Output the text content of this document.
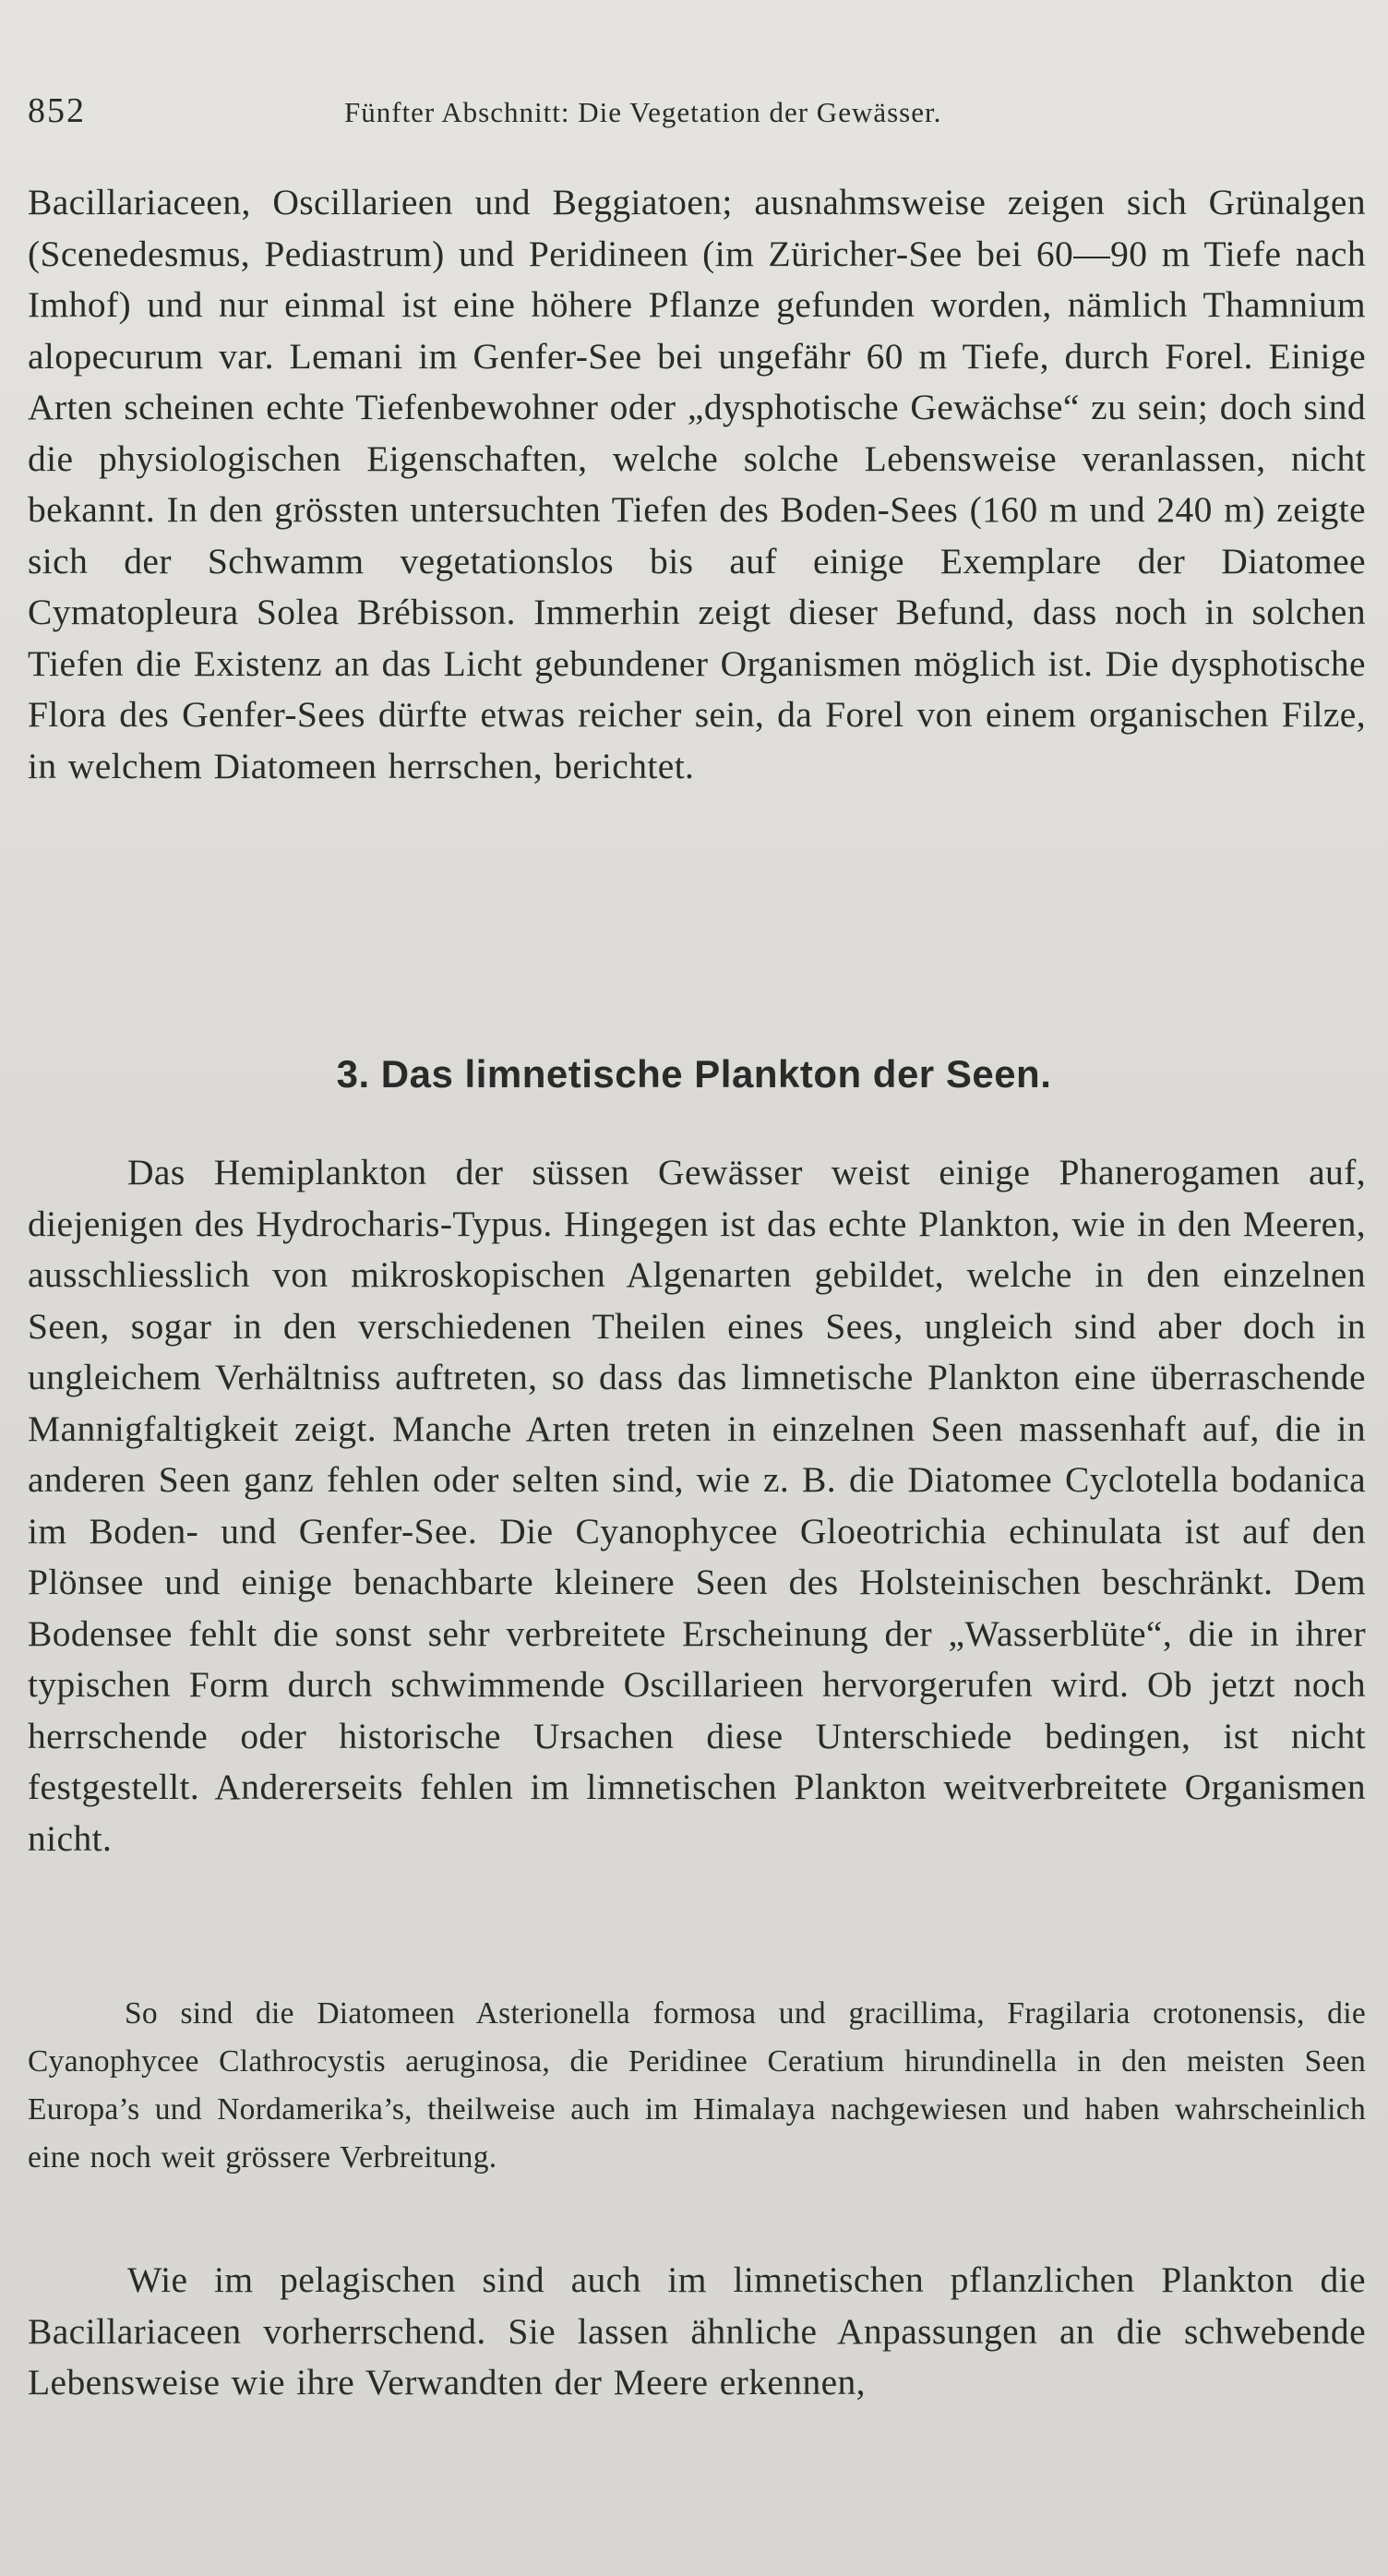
852	Fünfter Abschnitt: Die Vegetation der Gewässer.

Bacillariaceen, Oscillarieen und Beggiatoen; ausnahmsweise zeigen sich Grünalgen (Scenedesmus, Pediastrum) und Peridineen (im Züricher-See bei 60—90 m Tiefe nach Imhof) und nur einmal ist eine höhere Pflanze gefunden worden, nämlich Thamnium alopecurum var. Lemani im Genfer-See bei ungefähr 60 m Tiefe, durch Forel. Einige Arten scheinen echte Tiefenbewohner oder „dysphotische Gewächse“ zu sein; doch sind die physiologischen Eigenschaften, welche solche Lebensweise veranlassen, nicht bekannt. In den grössten untersuchten Tiefen des Boden-Sees (160 m und 240 m) zeigte sich der Schwamm vegetationslos bis auf einige Exemplare der Diatomee Cymatopleura Solea Brébisson. Immerhin zeigt dieser Befund, dass noch in solchen Tiefen die Existenz an das Licht gebundener Organismen möglich ist. Die dysphotische Flora des Genfer-Sees dürfte etwas reicher sein, da Forel von einem organischen Filze, in welchem Diatomeen herrschen, berichtet.

3. Das limnetische Plankton der Seen.

Das Hemiplankton der süssen Gewässer weist einige Phanerogamen auf, diejenigen des Hydrocharis-Typus. Hingegen ist das echte Plankton, wie in den Meeren, ausschliesslich von mikroskopischen Algenarten gebildet, welche in den einzelnen Seen, sogar in den verschiedenen Theilen eines Sees, ungleich sind aber doch in ungleichem Verhältniss auftreten, so dass das limnetische Plankton eine überraschende Mannigfaltigkeit zeigt. Manche Arten treten in einzelnen Seen massenhaft auf, die in anderen Seen ganz fehlen oder selten sind, wie z. B. die Diatomee Cyclotella bodanica im Boden- und Genfer-See. Die Cyanophycee Gloeotrichia echinulata ist auf den Plönsee und einige benachbarte kleinere Seen des Holsteinischen beschränkt. Dem Bodensee fehlt die sonst sehr verbreitete Erscheinung der „Wasserblüte“, die in ihrer typischen Form durch schwimmende Oscillarieen hervorgerufen wird. Ob jetzt noch herrschende oder historische Ursachen diese Unterschiede bedingen, ist nicht festgestellt. Andererseits fehlen im limnetischen Plankton weitverbreitete Organismen nicht.

So sind die Diatomeen Asterionella formosa und gracillima, Fragilaria crotonensis, die Cyanophycee Clathrocystis aeruginosa, die Peridinee Ceratium hirundinella in den meisten Seen Europa’s und Nordamerika’s, theilweise auch im Himalaya nachgewiesen und haben wahrscheinlich eine noch weit grössere Verbreitung.

Wie im pelagischen sind auch im limnetischen pflanzlichen Plankton die Bacillariaceen vorherrschend. Sie lassen ähnliche Anpassungen an die schwebende Lebensweise wie ihre Verwandten der Meere erkennen,
